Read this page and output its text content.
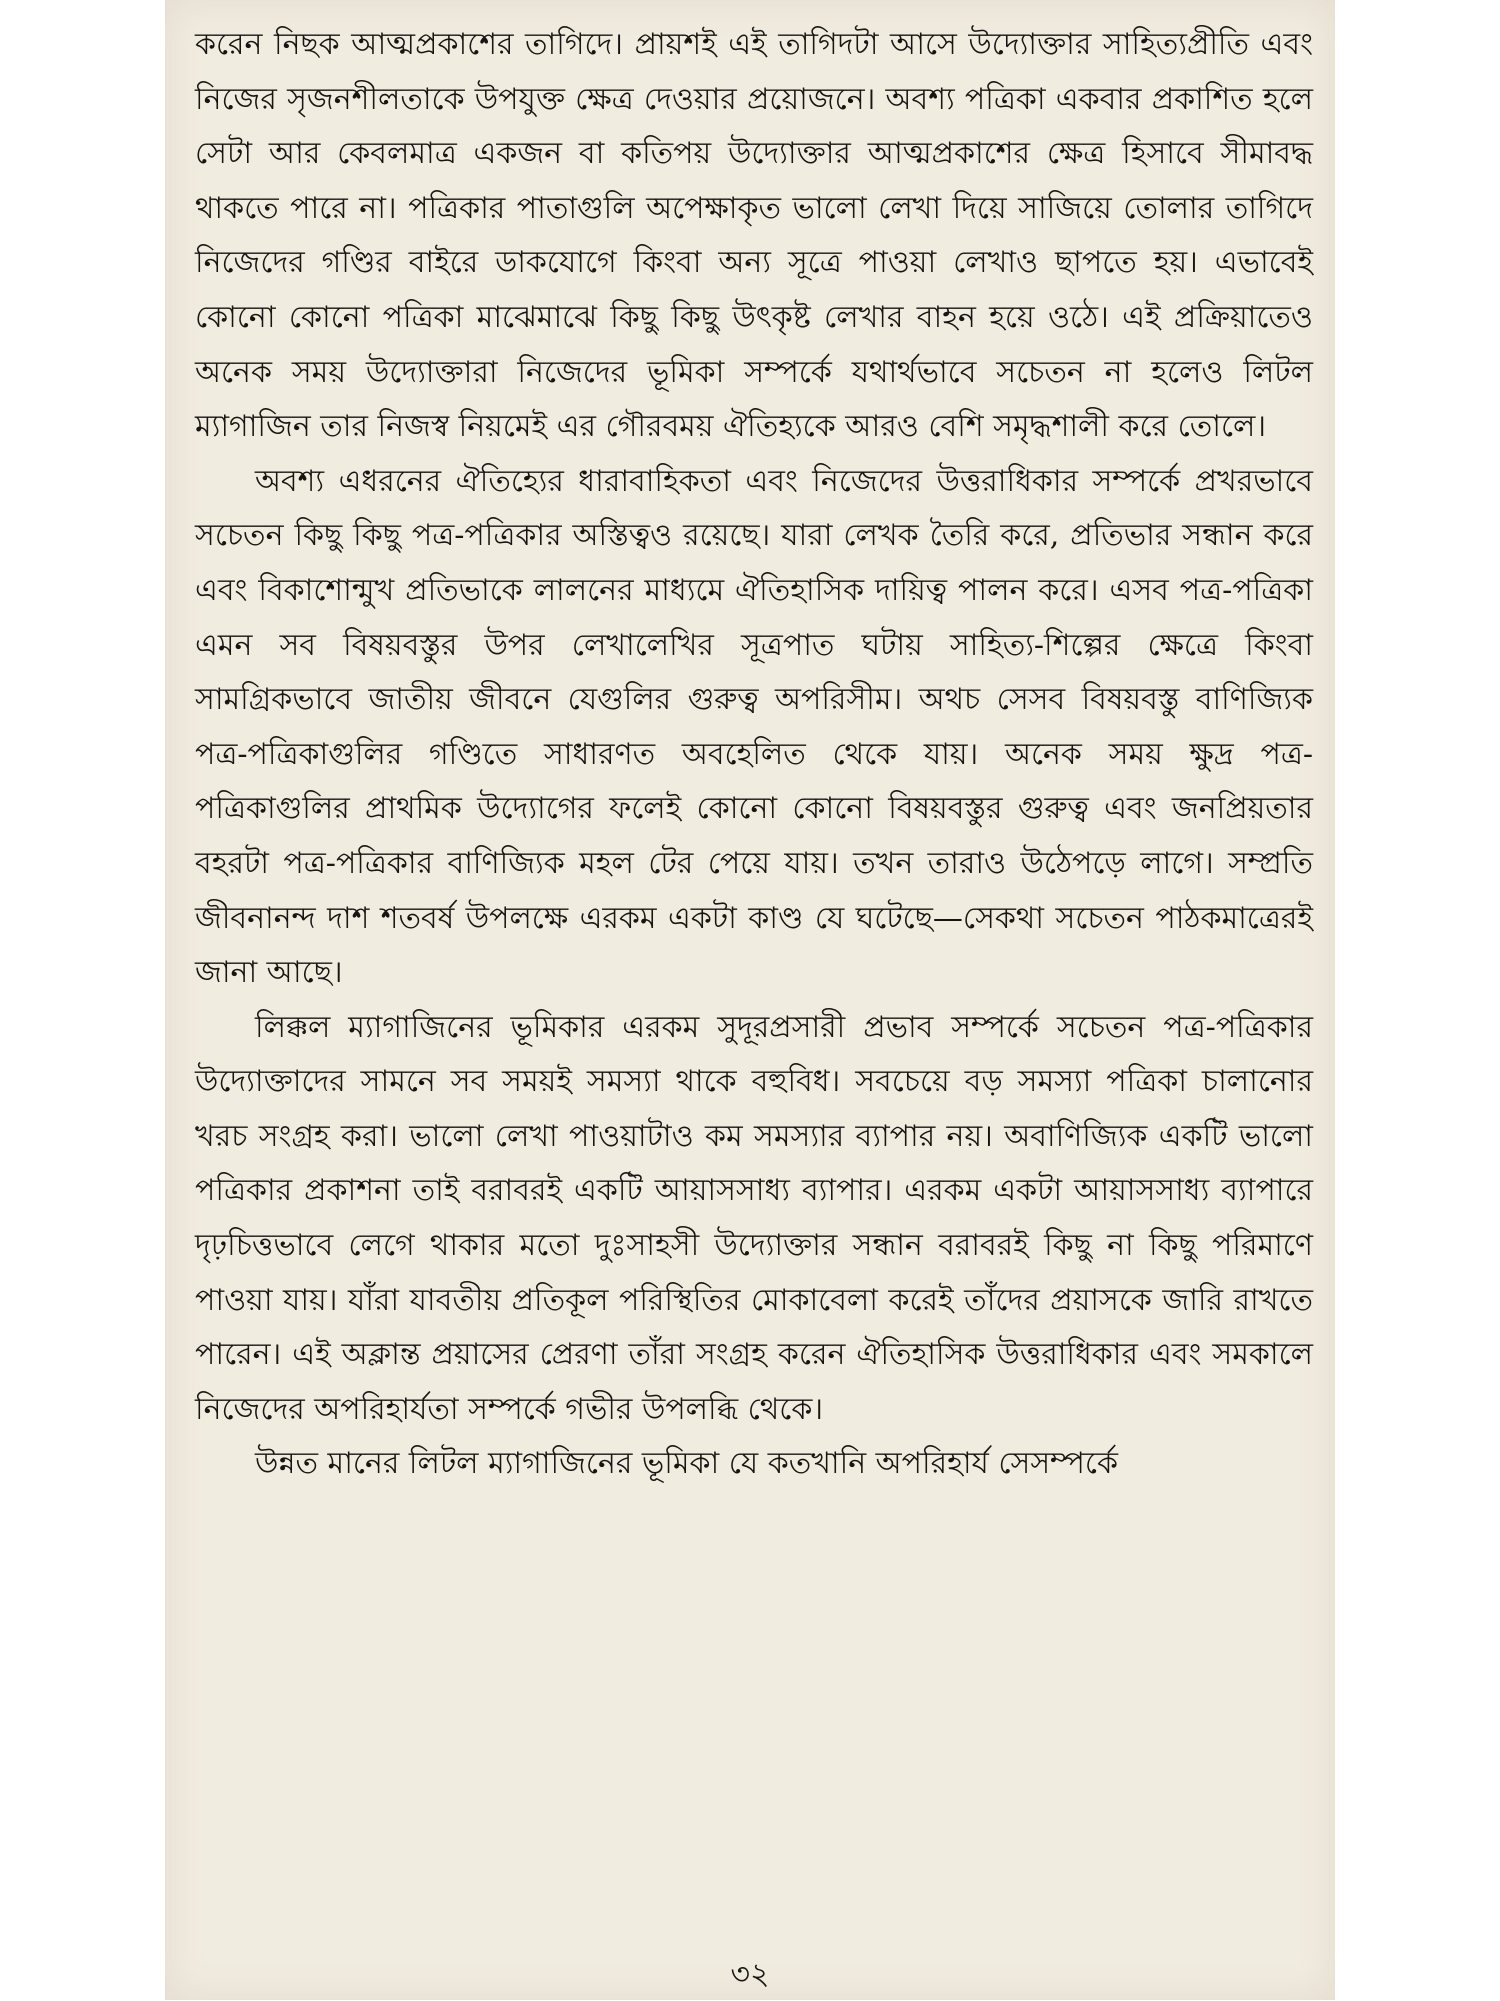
করেন নিছক আত্মপ্রকাশের তাগিদে। প্রায়শই এই তাগিদটা আসে উদ্যোক্তার সাহিত্যপ্রীতি এবং নিজের সৃজনশীলতাকে উপযুক্ত ক্ষেত্র দেওয়ার প্রয়োজনে। অবশ্য পত্রিকা একবার প্রকাশিত হলে সেটা আর কেবলমাত্র একজন বা কতিপয় উদ্যোক্তার আত্মপ্রকাশের ক্ষেত্র হিসাবে সীমাবদ্ধ থাকতে পারে না। পত্রিকার পাতাগুলি অপেক্ষাকৃত ভালো লেখা দিয়ে সাজিয়ে তোলার তাগিদে নিজেদের গণ্ডির বাইরে ডাকযোগে কিংবা অন্য সূত্রে পাওয়া লেখাও ছাপতে হয়। এভাবেই কোনো কোনো পত্রিকা মাঝেমাঝে কিছু কিছু উৎকৃষ্ট লেখার বাহন হয়ে ওঠে। এই প্রক্রিয়াতেও অনেক সময় উদ্যোক্তারা নিজেদের ভূমিকা সম্পর্কে যথার্থভাবে সচেতন না হলেও লিটল ম্যাগাজিন তার নিজস্ব নিয়মেই এর গৌরবময় ঐতিহ্যকে আরও বেশি সমৃদ্ধশালী করে তোলে।

অবশ্য এধরনের ঐতিহ্যের ধারাবাহিকতা এবং নিজেদের উত্তরাধিকার সম্পর্কে প্রখরভাবে সচেতন কিছু কিছু পত্র-পত্রিকার অস্তিত্বও রয়েছে। যারা লেখক তৈরি করে, প্রতিভার সন্ধান করে এবং বিকাশোন্মুখ প্রতিভাকে লালনের মাধ্যমে ঐতিহাসিক দায়িত্ব পালন করে। এসব পত্র-পত্রিকা এমন সব বিষয়বস্তুর উপর লেখালেখির সূত্রপাত ঘটায় সাহিত্য-শিল্পের ক্ষেত্রে কিংবা সামগ্রিকভাবে জাতীয় জীবনে যেগুলির গুরুত্ব অপরিসীম। অথচ সেসব বিষয়বস্তু বাণিজ্যিক পত্র-পত্রিকাগুলির গণ্ডিতে সাধারণত অবহেলিত থেকে যায়। অনেক সময় ক্ষুদ্র পত্র-পত্রিকাগুলির প্রাথমিক উদ্যোগের ফলেই কোনো কোনো বিষয়বস্তুর গুরুত্ব এবং জনপ্রিয়তার বহরটা পত্র-পত্রিকার বাণিজ্যিক মহল টের পেয়ে যায়। তখন তারাও উঠেপড়ে লাগে। সম্প্রতি জীবনানন্দ দাশ শতবর্ষ উপলক্ষে এরকম একটা কাণ্ড যে ঘটেছে—সেকথা সচেতন পাঠকমাত্রেরই জানা আছে।

লিক্কল ম্যাগাজিনের ভূমিকার এরকম সুদূরপ্রসারী প্রভাব সম্পর্কে সচেতন পত্র-পত্রিকার উদ্যোক্তাদের সামনে সব সময়ই সমস্যা থাকে বহুবিধ। সবচেয়ে বড় সমস্যা পত্রিকা চালানোর খরচ সংগ্রহ করা। ভালো লেখা পাওয়াটাও কম সমস্যার ব্যাপার নয়। অবাণিজ্যিক একটি ভালো পত্রিকার প্রকাশনা তাই বরাবরই একটি আয়াসসাধ্য ব্যাপার। এরকম একটা আয়াসসাধ্য ব্যাপারে দৃঢ়চিত্তভাবে লেগে থাকার মতো দুঃসাহসী উদ্যোক্তার সন্ধান বরাবরই কিছু না কিছু পরিমাণে পাওয়া যায়। যাঁরা যাবতীয় প্রতিকূল পরিস্থিতির মোকাবেলা করেই তাঁদের প্রয়াসকে জারি রাখতে পারেন। এই অক্লান্ত প্রয়াসের প্রেরণা তাঁরা সংগ্রহ করেন ঐতিহাসিক উত্তরাধিকার এবং সমকালে নিজেদের অপরিহার্যতা সম্পর্কে গভীর উপলব্ধি থেকে।

উন্নত মানের লিটল ম্যাগাজিনের ভূমিকা যে কতখানি অপরিহার্য সেসম্পর্কে

৩২
